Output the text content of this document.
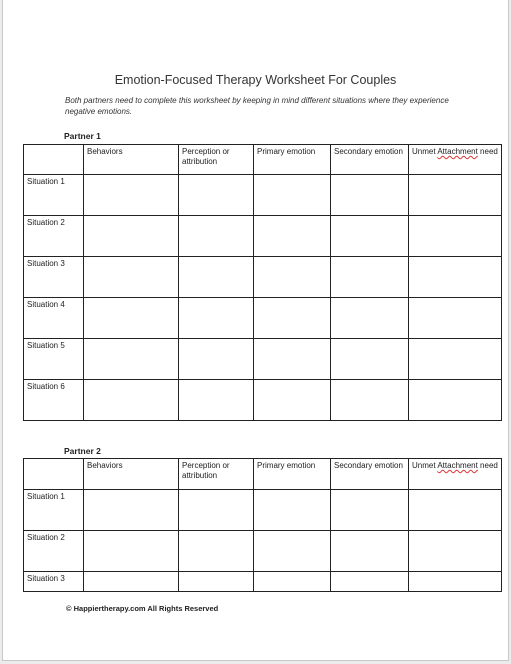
Emotion-Focused Therapy Worksheet For Couples
Both partners need to complete this worksheet by keeping in mind different situations where they experience negative emotions.
Partner 1
	Behaviors	Perception or attribution	Primary emotion	Secondary emotion	Unmet Attachment need
Situation 1					
Situation 2					
Situation 3					
Situation 4					
Situation 5					
Situation 6					
Partner 2
	Behaviors	Perception or attribution	Primary emotion	Secondary emotion	Unmet Attachment need
Situation 1					
Situation 2					
Situation 3					
© Happiertherapy.com All Rights Reserved
